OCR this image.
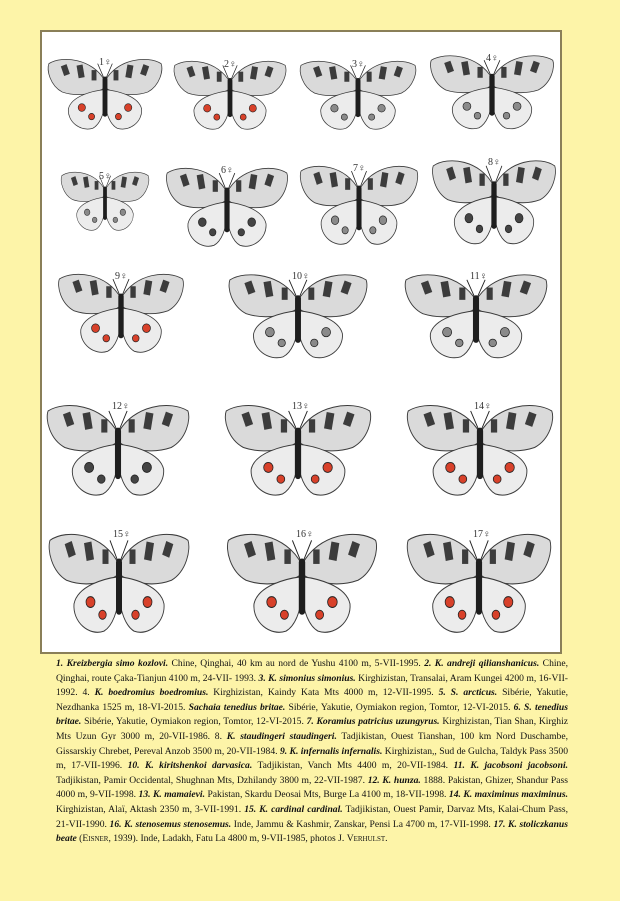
1♀	2♀	3♀
4♀
5♀
6♀	7♀
8♀
9♀	10♀	11♀
12♀	13♀	14♀
15♀	16♀	17♀
1. Kreizbergia simo kozlovi. Chine, Qinghai, 40 km au nord de Yushu 4100 m, 5-VII-1995. 2. K. andreji qilianshanicus. Chine, Qinghai, route Çaka-Tianjun 4100 m, 24-VII- 1993. 3. K. simonius simonius. Kirghizistan, Transalai, Aram Kungei 4200 m, 16-VII-1992. 4. K. boedromius boedromius. Kirghizistan, Kaindy Kata Mts 4000 m, 12-VII-1995. 5. S. arcticus. Sibérie, Yakutie, Nezdhanka 1525 m, 18-VI-2015. Sachaia tenedius britae. Sibérie, Yakutie, Oymiakon region, Tomtor, 12-VI-2015. 6. S. tenedius britae. Sibérie, Yakutie, Oymiakon region, Tomtor, 12-VI-2015. 7. Koramius patricius uzungyrus. Kirghizistan, Tian Shan, Kirghiz Mts Uzun Gyr 3000 m, 20-VII-1986. 8. K. staudingeri staudingeri. Tadjikistan, Ouest Tianshan, 100 km Nord Duschambe, Gissarskiy Chrebet, Pereval Anzob 3500 m, 20-VII-1984. 9. K. infernalis infernalis. Kirghizistan,, Sud de Gulcha, Taldyk Pass 3500 m, 17-VII-1996. 10. K. kiritshenkoi darvasica. Tadjikistan, Vanch Mts 4400 m, 20-VII-1984. 11. K. jacobsoni jacobsoni. Tadjikistan, Pamir Occidental, Shughnan Mts, Dzhilandy 3800 m, 22-VII-1987. 12. K. hunza. 1888. Pakistan, Ghizer, Shandur Pass 4000 m, 9-VII-1998. 13. K. mamaievi. Pakistan, Skardu Deosai Mts, Burge La 4100 m, 18-VII-1998. 14. K. maximinus maximinus. Kirghizistan, Alaï, Aktash 2350 m, 3-VII-1991. 15. K. cardinal cardinal. Tadjikistan, Ouest Pamir, Darvaz Mts, Kalai-Chum Pass, 21-VII-1990. 16. K. stenosemus stenosemus. Inde, Jammu & Kashmir, Zanskar, Pensi La 4700 m, 17-VII-1998. 17. K. stoliczkanus beate (Eisner, 1939). Inde, Ladakh, Fatu La 4800 m, 9-VII-1985, photos J. Verhulst.
